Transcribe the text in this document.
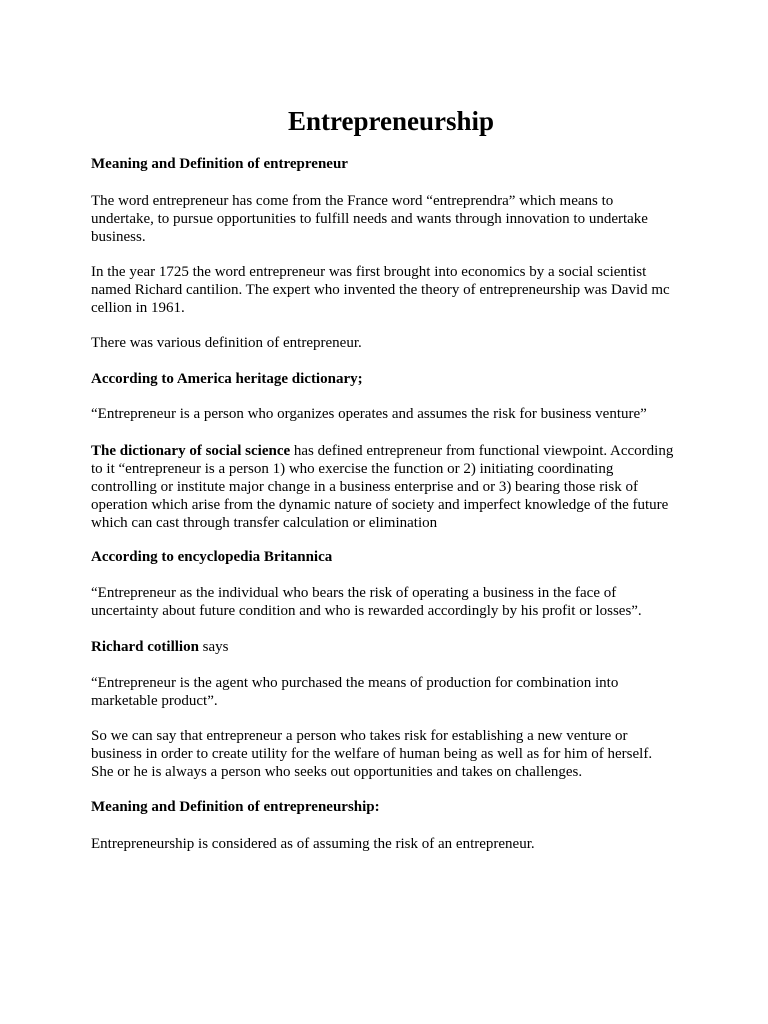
Entrepreneurship

Meaning and Definition of entrepreneur

The word entrepreneur has come from the France word “entreprendra” which means to
undertake, to pursue opportunities to fulfill needs and wants through innovation to undertake
business.

In the year 1725 the word entrepreneur was first brought into economics by a social scientist
named Richard cantilion. The expert who invented the theory of entrepreneurship was David mc
cellion in 1961.

There was various definition of entrepreneur.

According to America heritage dictionary;

“Entrepreneur is a person who organizes operates and assumes the risk for business venture”

The dictionary of social science has defined entrepreneur from functional viewpoint. According
to it “entrepreneur is a person 1) who exercise the function or 2) initiating coordinating
controlling or institute major change in a business enterprise and or 3) bearing those risk of
operation which arise from the dynamic nature of society and imperfect knowledge of the future
which can cast through transfer calculation or elimination

According to encyclopedia Britannica

“Entrepreneur as the individual who bears the risk of operating a business in the face of
uncertainty about future condition and who is rewarded accordingly by his profit or losses”.

Richard cotillion says

“Entrepreneur is the agent who purchased the means of production for combination into
marketable product”.

So we can say that entrepreneur a person who takes risk for establishing a new venture or
business in order to create utility for the welfare of human being as well as for him of herself.
She or he is always a person who seeks out opportunities and takes on challenges.

Meaning and Definition of entrepreneurship:

Entrepreneurship is considered as of assuming the risk of an entrepreneur.
